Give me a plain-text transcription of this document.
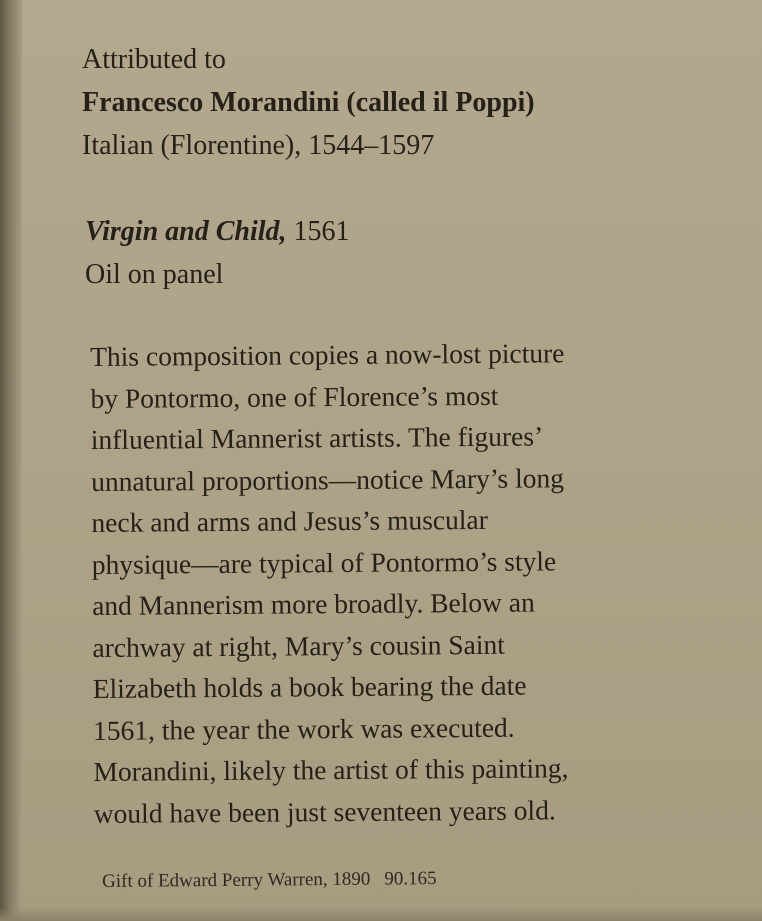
Attributed to
Francesco Morandini (called il Poppi)
Italian (Florentine), 1544–1597
Virgin and Child, 1561
Oil on panel
This composition copies a now-lost picture
by Pontormo, one of Florence’s most
influential Mannerist artists. The figures’
unnatural proportions—notice Mary’s long
neck and arms and Jesus’s muscular
physique—are typical of Pontormo’s style
and Mannerism more broadly. Below an
archway at right, Mary’s cousin Saint
Elizabeth holds a book bearing the date
1561, the year the work was executed.
Morandini, likely the artist of this painting,
would have been just seventeen years old.
Gift of Edward Perry Warren, 1890 90.165
